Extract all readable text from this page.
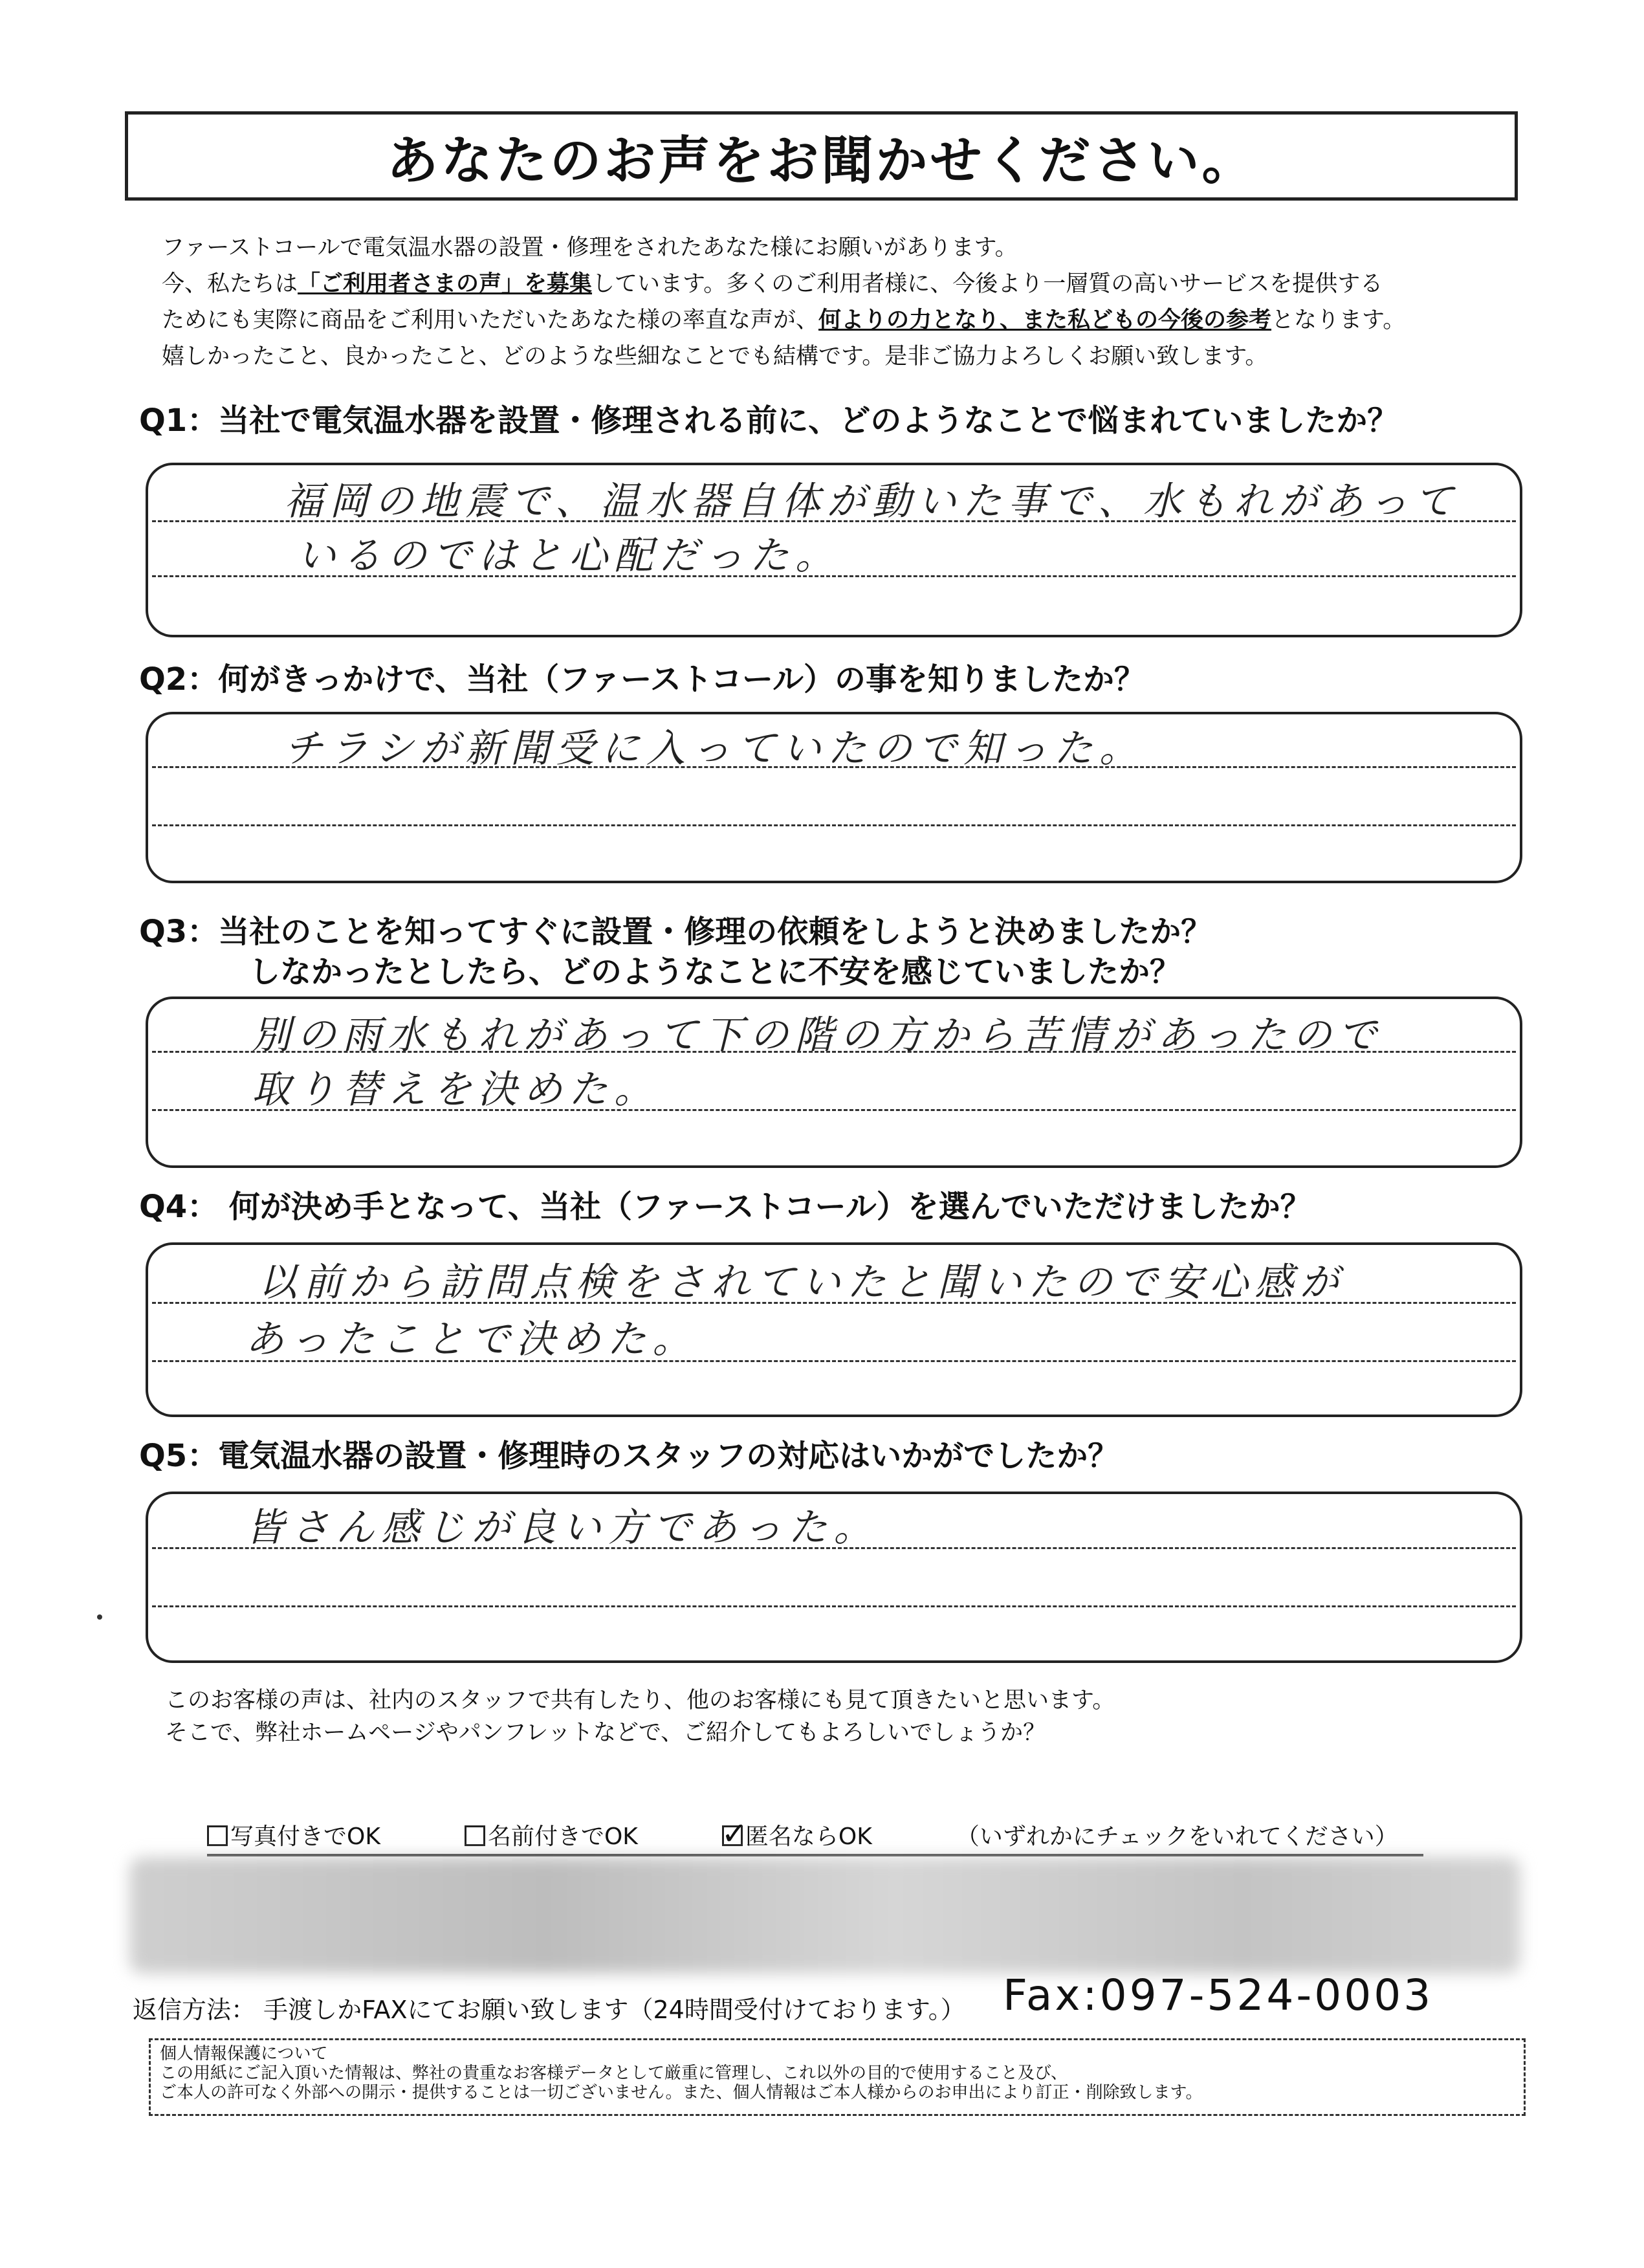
あなたのお声をお聞かせください。
ファーストコールで電気温水器の設置・修理をされたあなた様にお願いがあります。
今、私たちは「ご利用者さまの声」を募集しています。多くのご利用者様に、今後より一層質の高いサービスを提供する
ためにも実際に商品をご利用いただいたあなた様の率直な声が、何よりの力となり、また私どもの今後の参考となります。
嬉しかったこと、良かったこと、どのような些細なことでも結構です。是非ご協力よろしくお願い致します。
Q1：当社で電気温水器を設置・修理される前に、どのようなことで悩まれていましたか？
福岡の地震で、温水器自体が動いた事で、水もれがあって
いるのではと心配だった。
Q2：何がきっかけで、当社（ファーストコール）の事を知りましたか？
チラシが新聞受に入っていたので知った。
Q3：当社のことを知ってすぐに設置・修理の依頼をしようと決めましたか？
しなかったとしたら、どのようなことに不安を感じていましたか？
別の雨水もれがあって下の階の方から苦情があったので
取り替えを決めた。
Q4： 何が決め手となって、当社（ファーストコール）を選んでいただけましたか？
以前から訪問点検をされていたと聞いたので安心感が
あったことで決めた。
Q5：電気温水器の設置・修理時のスタッフの対応はいかがでしたか？
皆さん感じが良い方であった。
このお客様の声は、社内のスタッフで共有したり、他のお客様にも見て頂きたいと思います。
そこで、弊社ホームページやパンフレットなどで、ご紹介してもよろしいでしょうか？
写真付きでOK	名前付きでOK	✓
匿名ならOK	（いずれかにチェックをいれてください）
返信方法： 手渡しかFAXにてお願い致します（24時間受付けております。） Fax:097-524-0003
個人情報保護について
この用紙にご記入頂いた情報は、弊社の貴重なお客様データとして厳重に管理し、これ以外の目的で使用すること及び、
ご本人の許可なく外部への開示・提供することは一切ございません。また、個人情報はご本人様からのお申出により訂正・削除致します。
